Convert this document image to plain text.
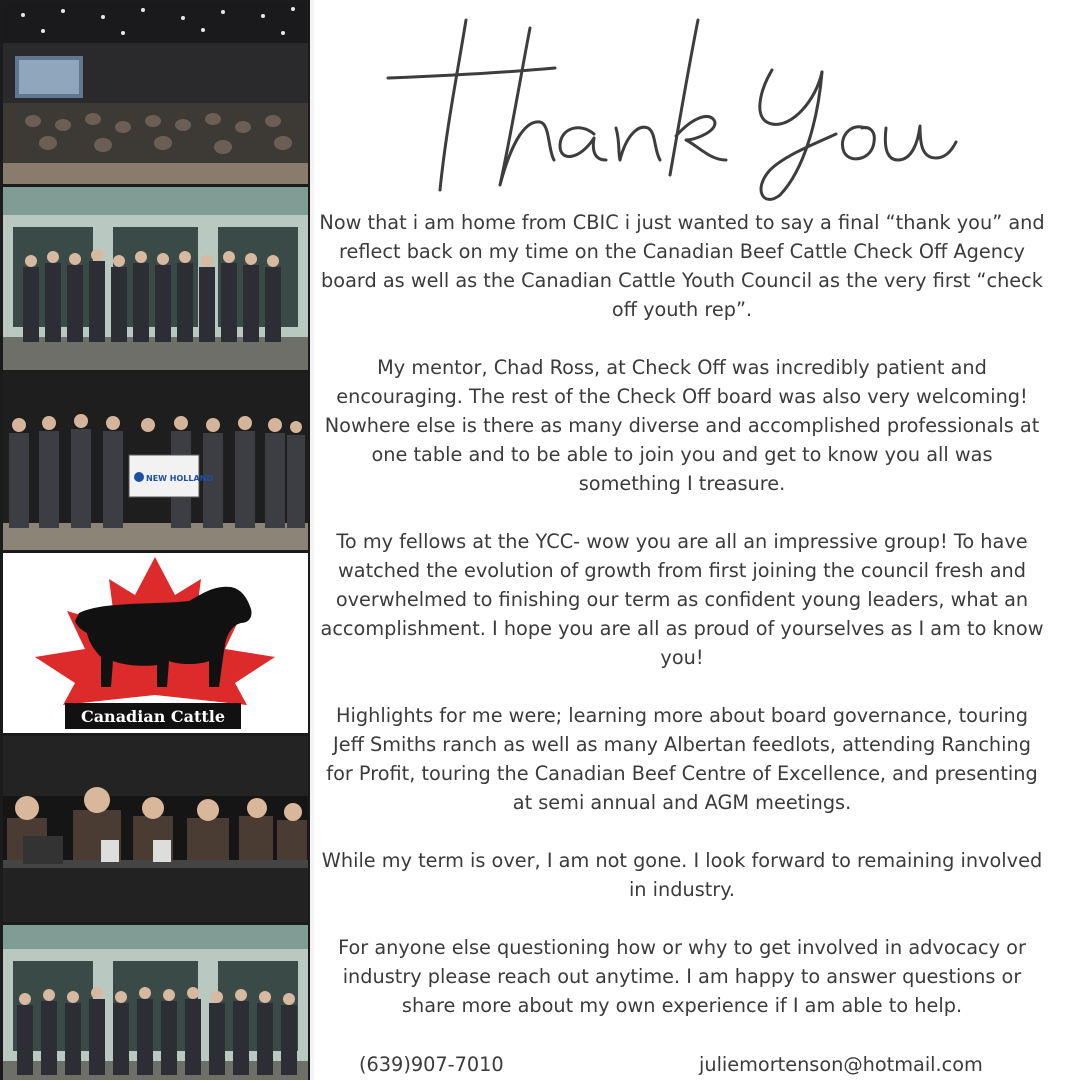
NEW HOLLAND
Canadian Cattle

Now that i am home from CBIC i just wanted to say a final “thank you” and reflect back on my time on the Canadian Beef Cattle Check Off Agency board as well as the Canadian Cattle Youth Council as the very first “check off youth rep”.

My mentor, Chad Ross, at Check Off was incredibly patient and encouraging. The rest of the Check Off board was also very welcoming! Nowhere else is there as many diverse and accomplished professionals at one table and to be able to join you and get to know you all was something I treasure.

To my fellows at the YCC- wow you are all an impressive group! To have watched the evolution of growth from first joining the council fresh and overwhelmed to finishing our term as confident young leaders, what an accomplishment. I hope you are all as proud of yourselves as I am to know you!

Highlights for me were; learning more about board governance, touring Jeff Smiths ranch as well as many Albertan feedlots, attending Ranching for Profit, touring the Canadian Beef Centre of Excellence, and presenting at semi annual and AGM meetings.

While my term is over, I am not gone. I look forward to remaining involved in industry.

For anyone else questioning how or why to get involved in advocacy or industry please reach out anytime. I am happy to answer questions or share more about my own experience if I am able to help.

(639)907-7010	juliemortenson@hotmail.com
